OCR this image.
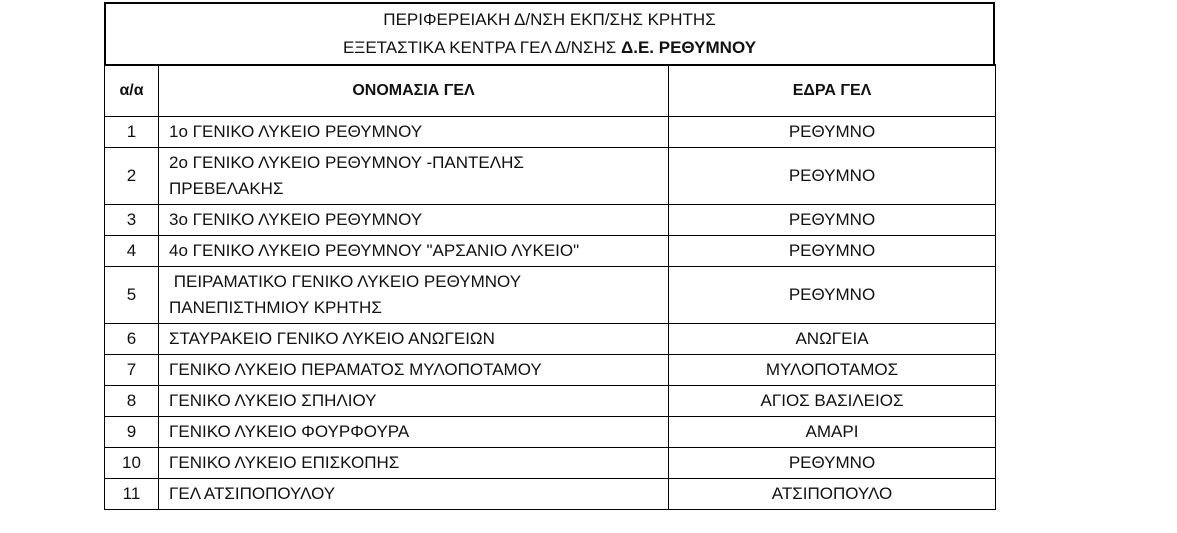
ΠΕΡΙΦΕΡΕΙΑΚΗ Δ/ΝΣΗ ΕΚΠ/ΣΗΣ ΚΡΗΤΗΣ
ΕΞΕΤΑΣΤΙΚΑ ΚΕΝΤΡΑ ΓΕΛ Δ/ΝΣΗΣ Δ.Ε. ΡΕΘΥΜΝΟΥ
α/α	ΟΝΟΜΑΣΙΑ ΓΕΛ	ΕΔΡΑ ΓΕΛ
1	1ο ΓΕΝΙΚΟ ΛΥΚΕΙΟ ΡΕΘΥΜΝΟΥ	ΡΕΘΥΜΝΟ
2	2ο ΓΕΝΙΚΟ ΛΥΚΕΙΟ ΡΕΘΥΜΝΟΥ -ΠΑΝΤΕΛΗΣ
ΠΡΕΒΕΛΑΚΗΣ	ΡΕΘΥΜΝΟ
3	3ο ΓΕΝΙΚΟ ΛΥΚΕΙΟ ΡΕΘΥΜΝΟΥ	ΡΕΘΥΜΝΟ
4	4ο ΓΕΝΙΚΟ ΛΥΚΕΙΟ ΡΕΘΥΜΝΟΥ "ΑΡΣΑΝΙΟ ΛΥΚΕΙΟ"	ΡΕΘΥΜΝΟ
5	ΠΕΙΡΑΜΑΤΙΚΟ ΓΕΝΙΚΟ ΛΥΚΕΙΟ ΡΕΘΥΜΝΟΥ
ΠΑΝΕΠΙΣΤΗΜΙΟΥ ΚΡΗΤΗΣ	ΡΕΘΥΜΝΟ
6	ΣΤΑΥΡΑΚΕΙΟ ΓΕΝΙΚΟ ΛΥΚΕΙΟ ΑΝΩΓΕΙΩΝ	ΑΝΩΓΕΙΑ
7	ΓΕΝΙΚΟ ΛΥΚΕΙΟ ΠΕΡΑΜΑΤΟΣ ΜΥΛΟΠΟΤΑΜΟΥ	ΜΥΛΟΠΟΤΑΜΟΣ
8	ΓΕΝΙΚΟ ΛΥΚΕΙΟ ΣΠΗΛΙΟΥ	ΑΓΙΟΣ ΒΑΣΙΛΕΙΟΣ
9	ΓΕΝΙΚΟ ΛΥΚΕΙΟ ΦΟΥΡΦΟΥΡΑ	ΑΜΑΡΙ
10	ΓΕΝΙΚΟ ΛΥΚΕΙΟ ΕΠΙΣΚΟΠΗΣ	ΡΕΘΥΜΝΟ
11	ΓΕΛ ΑΤΣΙΠΟΠΟΥΛΟΥ	ΑΤΣΙΠΟΠΟΥΛΟ
